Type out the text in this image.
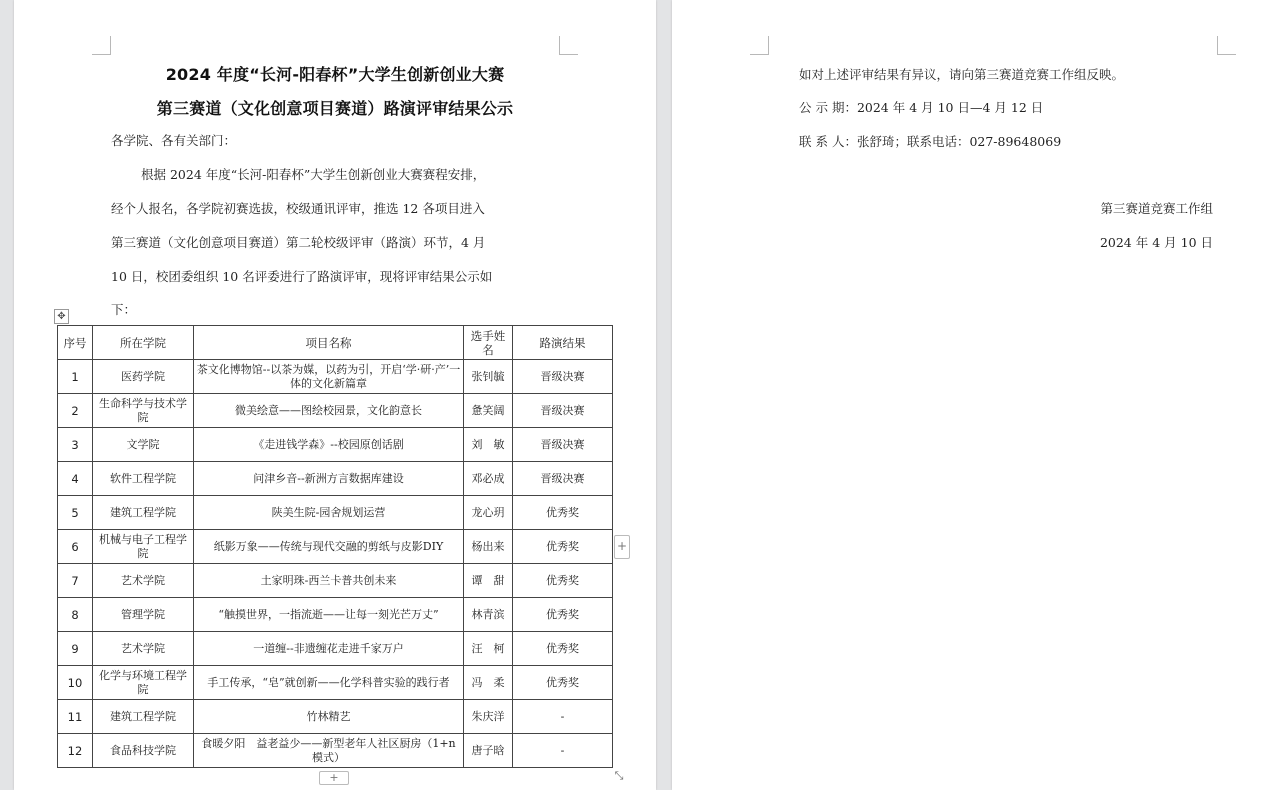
2024 年度“长河-阳春杯”大学生创新创业大赛
第三赛道（文化创意项目赛道）路演评审结果公示
各学院、各有关部门：
根据 2024 年度“长河-阳春杯”大学生创新创业大赛赛程安排，
经个人报名，各学院初赛选拔，校级通讯评审，推选 12 各项目进入
第三赛道（文化创意项目赛道）第二轮校级评审（路演）环节，4 月
10 日，校团委组织 10 名评委进行了路演评审，现将评审结果公示如
下：
✥
序号	所在学院	项目名称	选手姓名	路演结果
1	医药学院	茶文化博物馆--以茶为媒，以药为引，开启‘学·研·产’一体的文化新篇章	张钊毓	晋级决赛
2	生命科学与技术学院	微美绘意——图绘校园景，文化韵意长	惫笑阔	晋级决赛
3	文学院	《走进钱学森》--校园原创话剧	刘　敏	晋级决赛
4	软件工程学院	问津乡音--新洲方言数据库建设	邓必成	晋级决赛
5	建筑工程学院	陕美生院-园舍规划运营	龙心玥	优秀奖
6	机械与电子工程学院	纸影万象——传统与现代交融的剪纸与皮影DIY	杨出来	优秀奖
7	艺术学院	土家明珠-西兰卡普共创未来	谭　甜	优秀奖
8	管理学院	“触摸世界，一指流逝——让每一刻光芒万丈”	林青滨	优秀奖
9	艺术学院	一道缠--非遗缠花走进千家万户	汪　柯	优秀奖
10	化学与环境工程学院	手工传承，“皂”就创新——化学科普实验的践行者	冯　柔	优秀奖
11	建筑工程学院	竹林精艺	朱庆洋	-
12	食品科技学院	食暖夕阳　益老益少——新型老年人社区厨房（1+n 模式）	唐子晗	-
+
+	⤡
如对上述评审结果有异议，请向第三赛道竞赛工作组反映。
公 示 期：2024 年 4 月 10 日—4 月 12 日
联 系 人：张舒琦；联系电话：027-89648069
第三赛道竞赛工作组
2024 年 4 月 10 日
